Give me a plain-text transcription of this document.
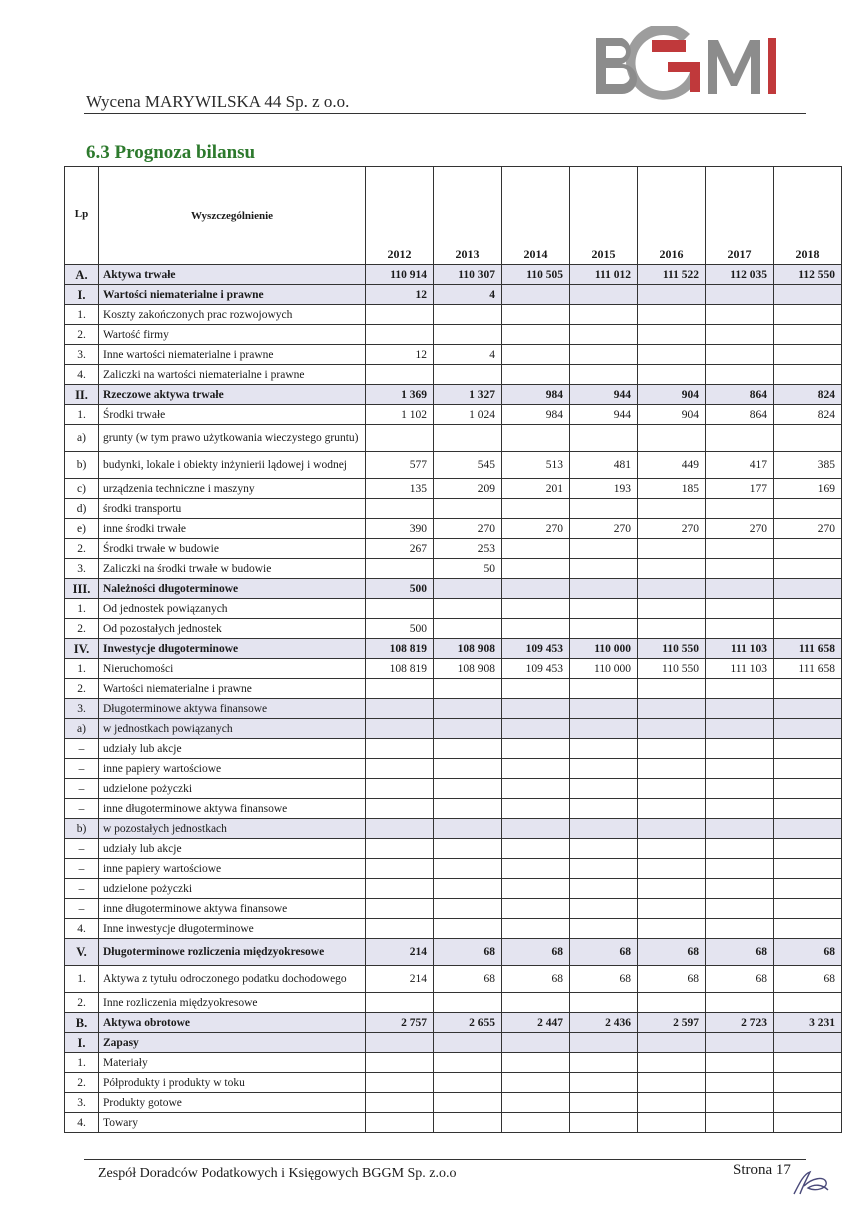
Wycena MARYWILSKA 44 Sp. z o.o.
6.3 Prognoza bilansu
Lp	Wyszczególnienie	2012	2013	2014	2015	2016	2017	2018
A.	Aktywa trwałe	110 914	110 307	110 505	111 012	111 522	112 035	112 550
I.	Wartości niematerialne i prawne	12	4					
1.	Koszty zakończonych prac rozwojowych							
2.	Wartość firmy							
3.	Inne wartości niematerialne i prawne	12	4					
4.	Zaliczki na wartości niematerialne i prawne							
II.	Rzeczowe aktywa trwałe	1 369	1 327	984	944	904	864	824
1.	Środki trwałe	1 102	1 024	984	944	904	864	824
a)	grunty (w tym prawo użytkowania wieczystego gruntu)							
b)	budynki, lokale i obiekty inżynierii lądowej i wodnej	577	545	513	481	449	417	385
c)	urządzenia techniczne i maszyny	135	209	201	193	185	177	169
d)	środki transportu							
e)	inne środki trwałe	390	270	270	270	270	270	270
2.	Środki trwałe w budowie	267	253					
3.	Zaliczki na środki trwałe w budowie		50					
III.	Należności długoterminowe	500						
1.	Od jednostek powiązanych							
2.	Od pozostałych jednostek	500						
IV.	Inwestycje długoterminowe	108 819	108 908	109 453	110 000	110 550	111 103	111 658
1.	Nieruchomości	108 819	108 908	109 453	110 000	110 550	111 103	111 658
2.	Wartości niematerialne i prawne							
3.	Długoterminowe aktywa finansowe							
a)	w jednostkach powiązanych							
–	udziały lub akcje							
–	inne papiery wartościowe							
–	udzielone pożyczki							
–	inne długoterminowe aktywa finansowe							
b)	w pozostałych jednostkach							
–	udziały lub akcje							
–	inne papiery wartościowe							
–	udzielone pożyczki							
–	inne długoterminowe aktywa finansowe							
4.	Inne inwestycje długoterminowe							
V.	Długoterminowe rozliczenia międzyokresowe	214	68	68	68	68	68	68
1.	Aktywa z tytułu odroczonego podatku dochodowego	214	68	68	68	68	68	68
2.	Inne rozliczenia międzyokresowe							
B.	Aktywa obrotowe	2 757	2 655	2 447	2 436	2 597	2 723	3 231
I.	Zapasy							
1.	Materiały							
2.	Półprodukty i produkty w toku							
3.	Produkty gotowe							
4.	Towary							
Zespół Doradców Podatkowych i Księgowych BGGM Sp. z.o.o	Strona 17
